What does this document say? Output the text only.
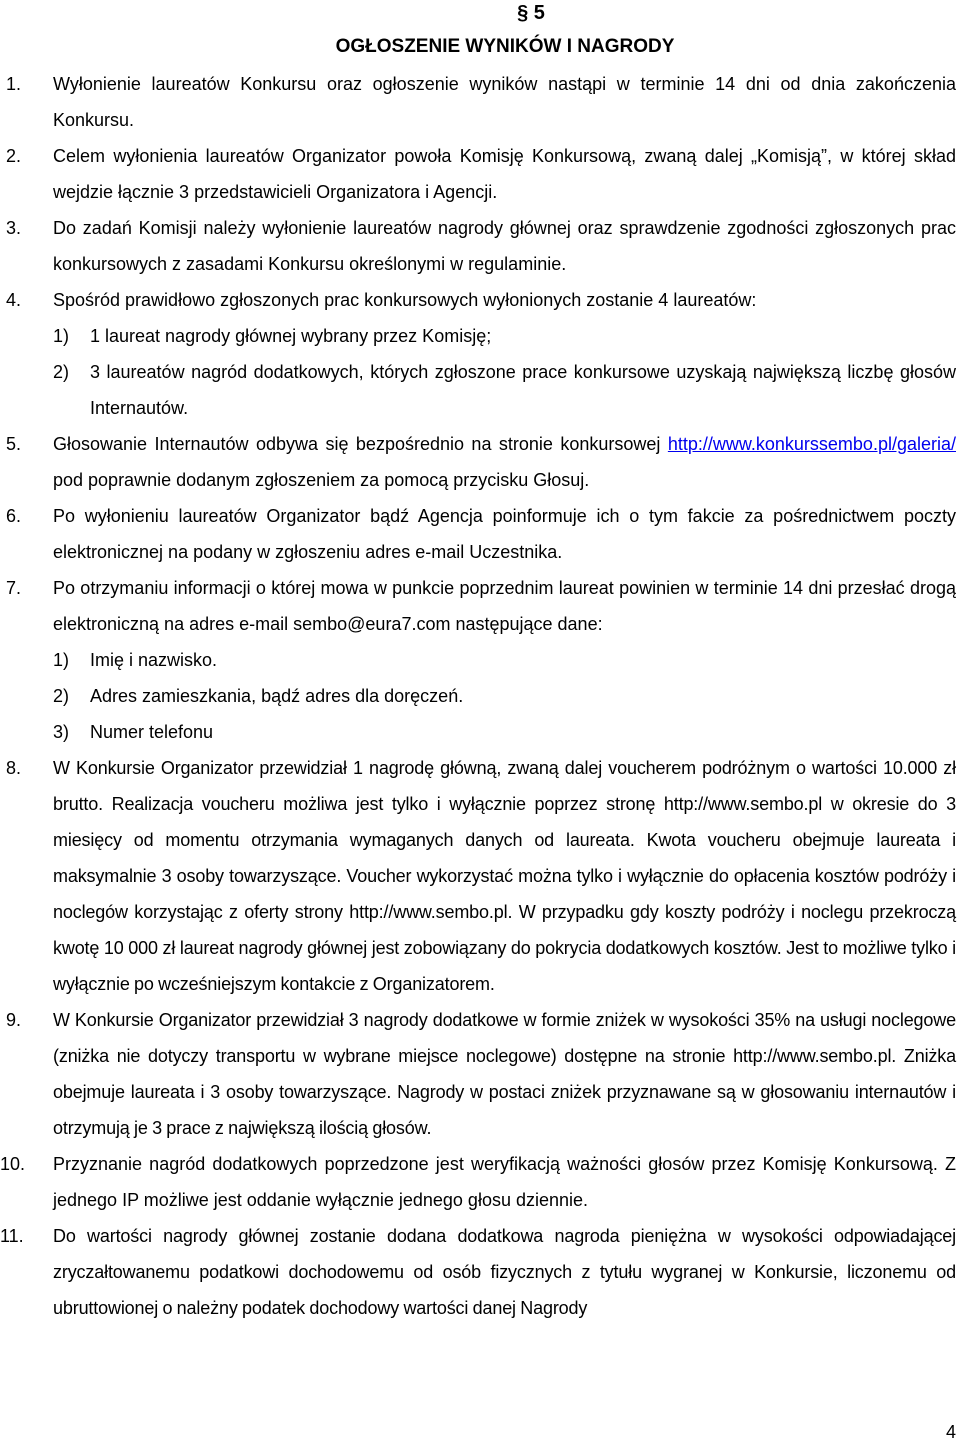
§ 5
OGŁOSZENIE WYNIKÓW I NAGRODY
1. Wyłonienie laureatów Konkursu oraz ogłoszenie wyników nastąpi w terminie 14 dni od dnia zakończenia Konkursu.
2. Celem wyłonienia laureatów Organizator powoła Komisję Konkursową, zwaną dalej „Komisją”, w której skład wejdzie łącznie 3 przedstawicieli Organizatora i Agencji.
3. Do zadań Komisji należy wyłonienie laureatów nagrody głównej oraz sprawdzenie zgodności zgłoszonych prac konkursowych z zasadami Konkursu określonymi w regulaminie.
4. Spośród prawidłowo zgłoszonych prac konkursowych wyłonionych zostanie 4 laureatów:
1) 1 laureat nagrody głównej wybrany przez Komisję;
2) 3 laureatów nagród dodatkowych, których zgłoszone prace konkursowe uzyskają największą liczbę głosów Internautów.
5. Głosowanie Internautów odbywa się bezpośrednio na stronie konkursowej http://www.konkurssembo.pl/galeria/ pod poprawnie dodanym zgłoszeniem za pomocą przycisku Głosuj.
6. Po wyłonieniu laureatów Organizator bądź Agencja poinformuje ich o tym fakcie za pośrednictwem poczty elektronicznej na podany w zgłoszeniu adres e-mail Uczestnika.
7. Po otrzymaniu informacji o której mowa w punkcie poprzednim laureat powinien w terminie 14 dni przesłać drogą elektroniczną na adres e-mail sembo@eura7.com następujące dane:
1) Imię i nazwisko.
2) Adres zamieszkania, bądź adres dla doręczeń.
3) Numer telefonu
8. W Konkursie Organizator przewidział 1 nagrodę główną, zwaną dalej voucherem podróżnym o wartości 10.000 zł brutto. Realizacja voucheru możliwa jest tylko i wyłącznie poprzez stronę http://www.sembo.pl w okresie do 3 miesięcy od momentu otrzymania wymaganych danych od laureata. Kwota voucheru obejmuje laureata i maksymalnie 3 osoby towarzyszące. Voucher wykorzystać można tylko i wyłącznie do opłacenia kosztów podróży i noclegów korzystając z oferty strony http://www.sembo.pl. W przypadku gdy koszty podróży i noclegu przekroczą kwotę 10 000 zł laureat nagrody głównej jest zobowiązany do pokrycia dodatkowych kosztów. Jest to możliwe tylko i wyłącznie po wcześniejszym kontakcie z Organizatorem.
9. W Konkursie Organizator przewidział 3 nagrody dodatkowe w formie zniżek w wysokości 35% na usługi noclegowe (zniżka nie dotyczy transportu w wybrane miejsce noclegowe) dostępne na stronie http://www.sembo.pl. Zniżka obejmuje laureata i 3 osoby towarzyszące. Nagrody w postaci zniżek przyznawane są w głosowaniu internautów i otrzymują je 3 prace z największą ilością głosów.
10. Przyznanie nagród dodatkowych poprzedzone jest weryfikacją ważności głosów przez Komisję Konkursową. Z jednego IP możliwe jest oddanie wyłącznie jednego głosu dziennie.
11. Do wartości nagrody głównej zostanie dodana dodatkowa nagroda pieniężna w wysokości odpowiadającej zryczałtowanemu podatkowi dochodowemu od osób fizycznych z tytułu wygranej w Konkursie, liczonemu od ubruttowionej o należny podatek dochodowy wartości danej Nagrody
4
